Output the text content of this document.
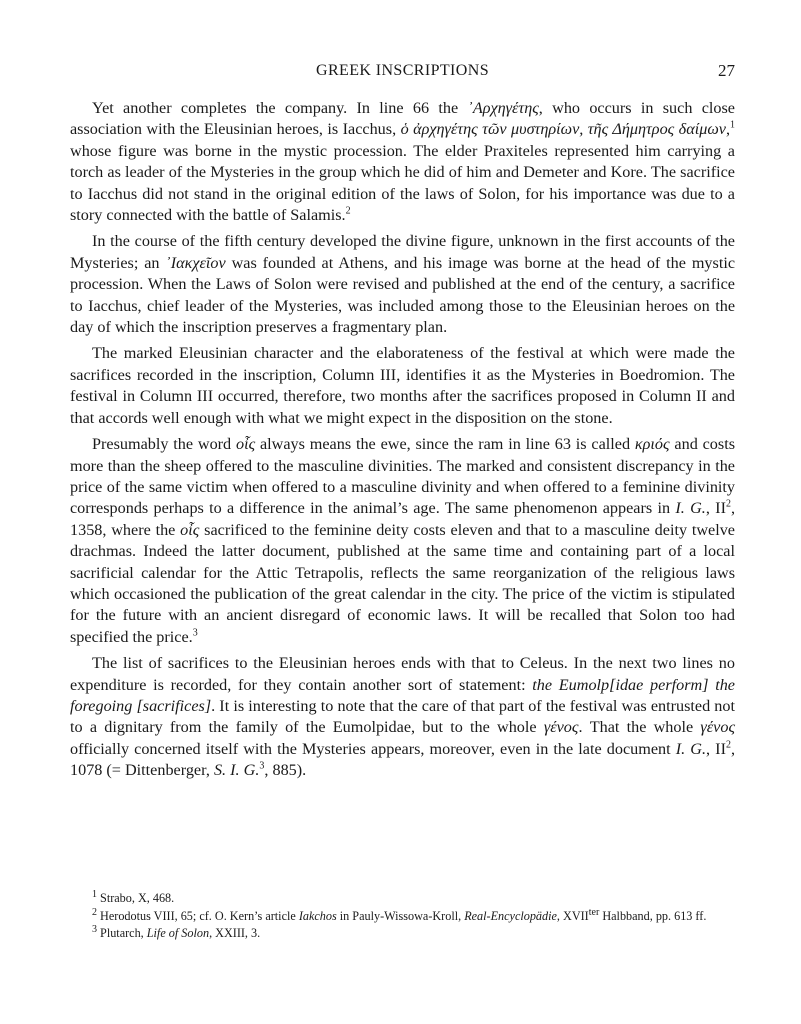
GREEK INSCRIPTIONS	27

Yet another completes the company. In line 66 the ᾿Αρχηγέτης, who occurs in such close association with the Eleusinian heroes, is Iacchus, ὁ ἀρχηγέτης τῶν μυστηρίων, τῆς Δήμητρος δαίμων,$^1$ whose figure was borne in the mystic procession. The elder Praxiteles represented him carrying a torch as leader of the Mysteries in the group which he did of him and Demeter and Kore. The sacrifice to Iacchus did not stand in the original edition of the laws of Solon, for his importance was due to a story connected with the battle of Salamis.$^2$

In the course of the fifth century developed the divine figure, unknown in the first accounts of the Mysteries; an ᾿Ιακχεῖον was founded at Athens, and his image was borne at the head of the mystic procession. When the Laws of Solon were revised and published at the end of the century, a sacrifice to Iacchus, chief leader of the Mysteries, was included among those to the Eleusinian heroes on the day of which the inscription preserves a fragmentary plan.

The marked Eleusinian character and the elaborateness of the festival at which were made the sacrifices recorded in the inscription, Column III, identifies it as the Mysteries in Boedromion. The festival in Column III occurred, therefore, two months after the sacrifices proposed in Column II and that accords well enough with what we might expect in the disposition on the stone.

Presumably the word οἶς always means the ewe, since the ram in line 63 is called κριός and costs more than the sheep offered to the masculine divinities. The marked and consistent discrepancy in the price of the same victim when offered to a masculine divinity and when offered to a feminine divinity corresponds perhaps to a difference in the animal’s age. The same phenomenon appears in I. G., $II^2$, 1358, where the οἶς sacrificed to the feminine deity costs eleven and that to a masculine deity twelve drachmas. Indeed the latter document, published at the same time and containing part of a local sacrificial calendar for the Attic Tetrapolis, reflects the same reorganization of the religious laws which occasioned the publication of the great calendar in the city. The price of the victim is stipulated for the future with an ancient disregard of economic laws. It will be recalled that Solon too had specified the price.$^3$

The list of sacrifices to the Eleusinian heroes ends with that to Celeus. In the next two lines no expenditure is recorded, for they contain another sort of statement: the Eumolp[idae perform] the foregoing [sacrifices]. It is interesting to note that the care of that part of the festival was entrusted not to a dignitary from the family of the Eumolpidae, but to the whole γένος. That the whole γένος officially concerned itself with the Mysteries appears, moreover, even in the late document I. G., $II^2$, 1078 (= Dittenberger, S. I. G.$^3$, 885).

$^1$ Strabo, X, 468.

$^2$ Herodotus VIII, 65; cf. O. Kern’s article Iakchos in Pauly-Wissowa-Kroll, Real-Encyclopädie, $XVII^{ter}$ Halbband, pp. 613 ff.

$^3$ Plutarch, Life of Solon, XXIII, 3.
